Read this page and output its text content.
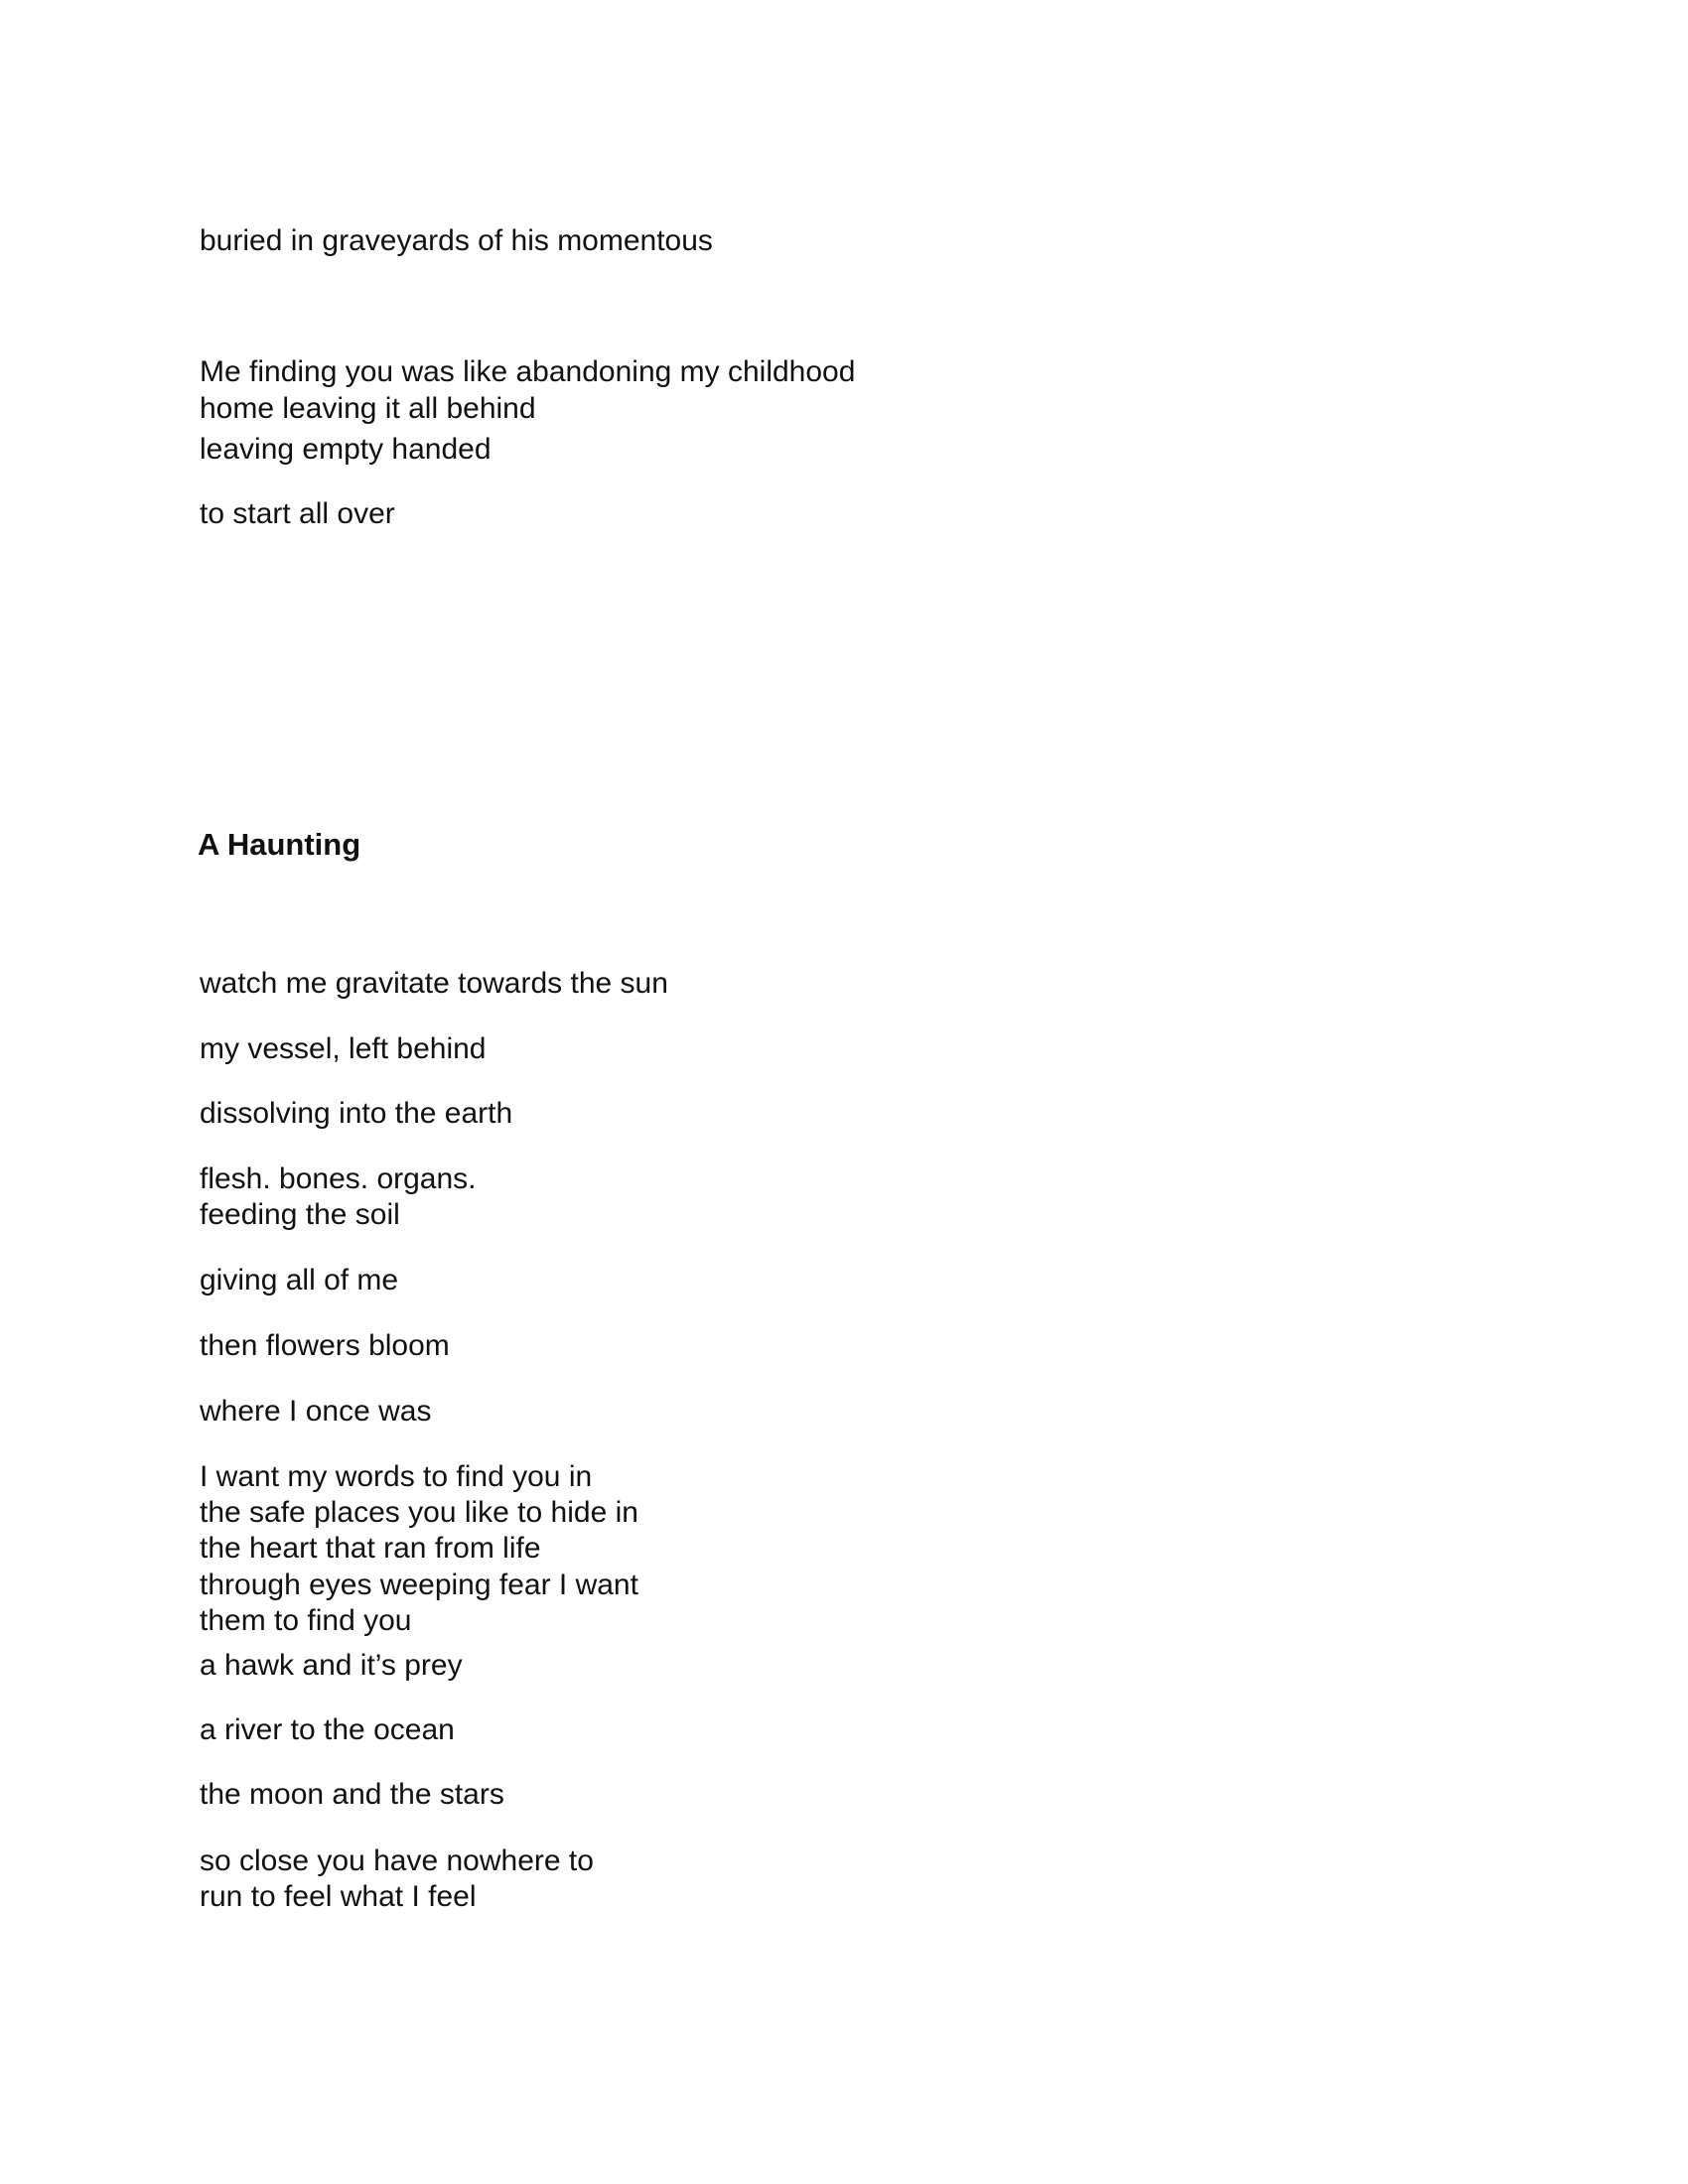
buried in graveyards of his momentous

Me finding you was like abandoning my childhood

home leaving it all behind

leaving empty handed

to start all over

A Haunting

watch me gravitate towards the sun

my vessel, left behind

dissolving into the earth

flesh. bones. organs.

feeding the soil

giving all of me

then flowers bloom

where I once was

I want my words to find you in

the safe places you like to hide in

the heart that ran from life

through eyes weeping fear I want

them to find you

a hawk and it’s prey

a river to the ocean

the moon and the stars

so close you have nowhere to

run to feel what I feel
